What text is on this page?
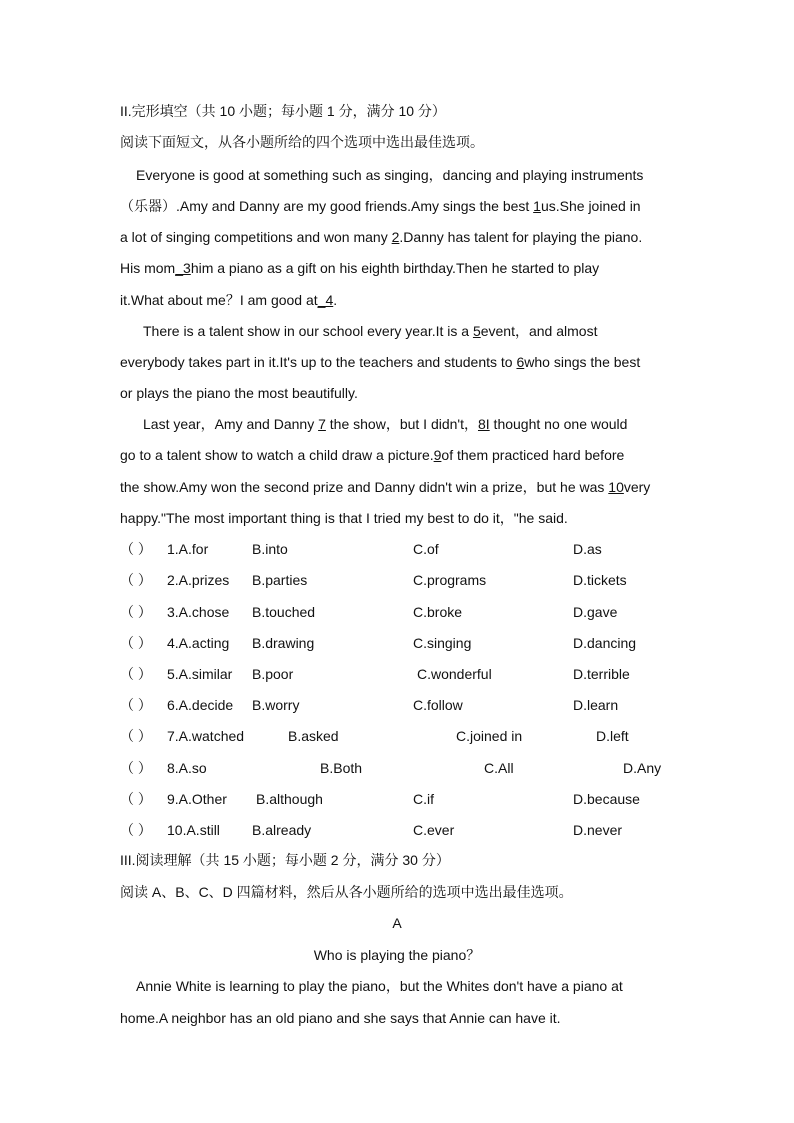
II.完形填空（共 10 小题；每小题 1 分，满分 10 分）
阅读下面短文，从各小题所给的四个选项中选出最佳选项。
Everyone is good at something such as singing，dancing and playing instruments
（乐器）.Amy and Danny are my good friends.Amy sings the best 1us.She joined in
a lot of singing competitions and won many 2.Danny has talent for playing the piano.
His mom_3him a piano as a gift on his eighth birthday.Then he started to play
it.What about me？I am good at_4.
There is a talent show in our school every year.It is a 5event，and almost
everybody takes part in it.It's up to the teachers and students to 6who sings the best
or plays the piano the most beautifully.
Last year，Amy and Danny 7 the show，but I didn't，8I thought no one would
go to a talent show to watch a child draw a picture.9of them practiced hard before
the show.Amy won the second prize and Danny didn't win a prize，but he was 10very
happy."The most important thing is that I tried my best to do it，"he said.
（ ） 1.A.for	B.into	C.of	D.as
（ ） 2.A.prizes B.parties	C.programs	D.tickets
（ ） 3.A.chose B.touched	C.broke	D.gave
（ ） 4.A.acting B.drawing	C.singing	D.dancing
（ ） 5.A.similar B.poor	C.wonderful	D.terrible
（ ） 6.A.decide B.worry	C.follow	D.learn
（ ） 7.A.watched	B.asked	C.joined in	D.left
（ ） 8.A.so	B.Both	C.All	D.Any
（ ） 9.A.Other B.although	C.if	D.because
（ ） 10.A.still B.already	C.ever	D.never
III.阅读理解（共 15 小题；每小题 2 分，满分 30 分）
阅读 A、B、C、D 四篇材料，然后从各小题所给的选项中选出最佳选项。
A
Who is playing the piano？
Annie White is learning to play the piano，but the Whites don't have a piano at
home.A neighbor has an old piano and she says that Annie can have it.
